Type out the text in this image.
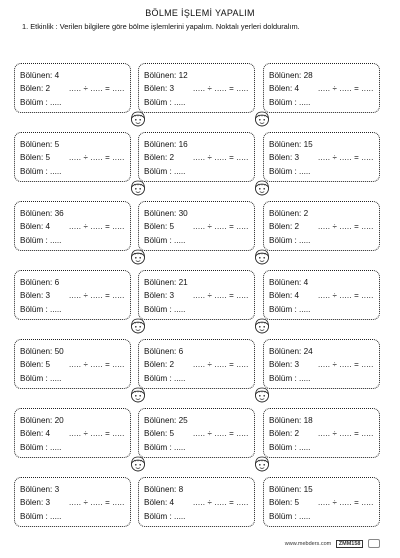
BÖLME İŞLEMİ YAPALIM
1. Etkinlik : Verilen bilgilere göre bölme işlemlerini yapalım. Noktalı yerleri dolduralım.
Bölünen: 4
Bölen: 2 ..... ÷ ..... = .....
Bölüm : .....
Bölünen: 12
Bölen: 3 ..... ÷ ..... = .....
Bölüm : .....
Bölünen: 28
Bölen: 4 ..... ÷ ..... = .....
Bölüm : .....
Bölünen: 5
Bölen: 5 ..... ÷ ..... = .....
Bölüm : .....
Bölünen: 16
Bölen: 2 ..... ÷ ..... = .....
Bölüm : .....
Bölünen: 15
Bölen: 3 ..... ÷ ..... = .....
Bölüm : .....
Bölünen: 36
Bölen: 4 ..... ÷ ..... = .....
Bölüm : .....
Bölünen: 30
Bölen: 5 ..... ÷ ..... = .....
Bölüm : .....
Bölünen: 2
Bölen: 2 ..... ÷ ..... = .....
Bölüm : .....
Bölünen: 6
Bölen: 3 ..... ÷ ..... = .....
Bölüm : .....
Bölünen: 21
Bölen: 3 ..... ÷ ..... = .....
Bölüm : .....
Bölünen: 4
Bölen: 4 ..... ÷ ..... = .....
Bölüm : .....
Bölünen: 50
Bölen: 5 ..... ÷ ..... = .....
Bölüm : .....
Bölünen: 6
Bölen: 2 ..... ÷ ..... = .....
Bölüm : .....
Bölünen: 24
Bölen: 3 ..... ÷ ..... = .....
Bölüm : .....
Bölünen: 20
Bölen: 4 ..... ÷ ..... = .....
Bölüm : .....
Bölünen: 25
Bölen: 5 ..... ÷ ..... = .....
Bölüm : .....
Bölünen: 18
Bölen: 2 ..... ÷ ..... = .....
Bölüm : .....
Bölünen: 3
Bölen: 3 ..... ÷ ..... = .....
Bölüm : .....
Bölünen: 8
Bölen: 4 ..... ÷ ..... = .....
Bölüm : .....
Bölünen: 15
Bölen: 5 ..... ÷ ..... = .....
Bölüm : .....
www.mebders.com ZMM158
